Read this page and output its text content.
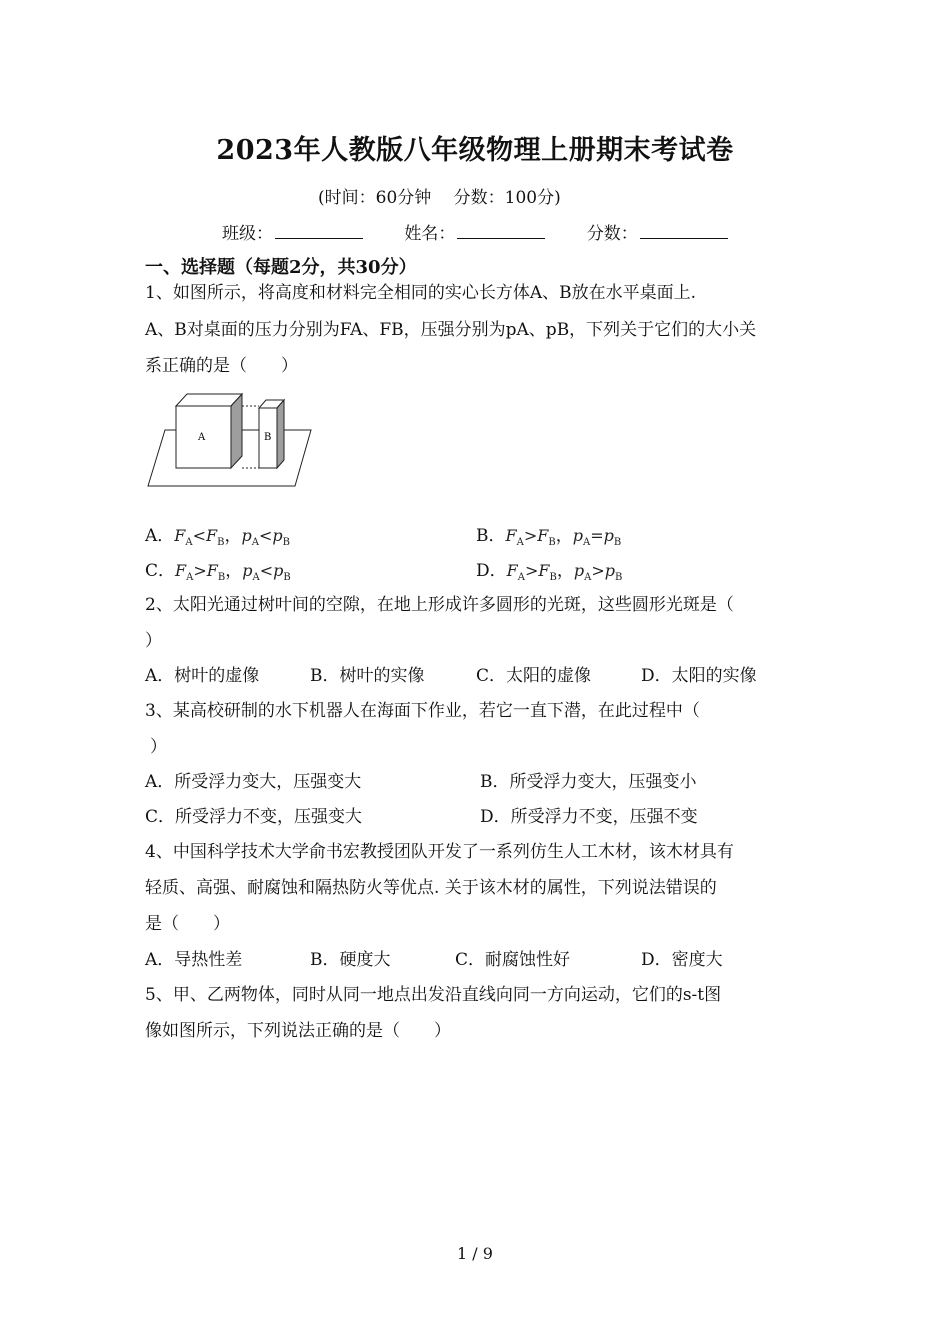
2023年人教版八年级物理上册期末考试卷
(时间：60分钟　 分数：100分)
班级：	姓名：	分数：
一、选择题（每题2分，共30分）
1、如图所示，将高度和材料完全相同的实心长方体A、B放在水平桌面上.
A、B对桌面的压力分别为FA、FB，压强分别为pA、pB，下列关于它们的大小关
系正确的是（　　）
A	B
A．$F_A<F_B$，$p_A<p_B$	B．$F_A>F_B$，$p_A=p_B$
C．$F_A>F_B$，$p_A<p_B$	D．$F_A>F_B$，$p_A>p_B$
2、太阳光通过树叶间的空隙，在地上形成许多圆形的光斑，这些圆形光斑是（
）
A．树叶的虚像	B．树叶的实像	C．太阳的虚像	D．太阳的实像
3、某高校研制的水下机器人在海面下作业，若它一直下潜，在此过程中（
）
A．所受浮力变大，压强变大	B．所受浮力变大，压强变小
C．所受浮力不变，压强变大	D．所受浮力不变，压强不变
4、中国科学技术大学俞书宏教授团队开发了一系列仿生人工木材，该木材具有
轻质、高强、耐腐蚀和隔热防火等优点. 关于该木材的属性，下列说法错误的
是（　　）
A．导热性差	B．硬度大	C．耐腐蚀性好	D．密度大
5、甲、乙两物体，同时从同一地点出发沿直线向同一方向运动，它们的s-t图
像如图所示，下列说法正确的是（　　）
1 / 9
